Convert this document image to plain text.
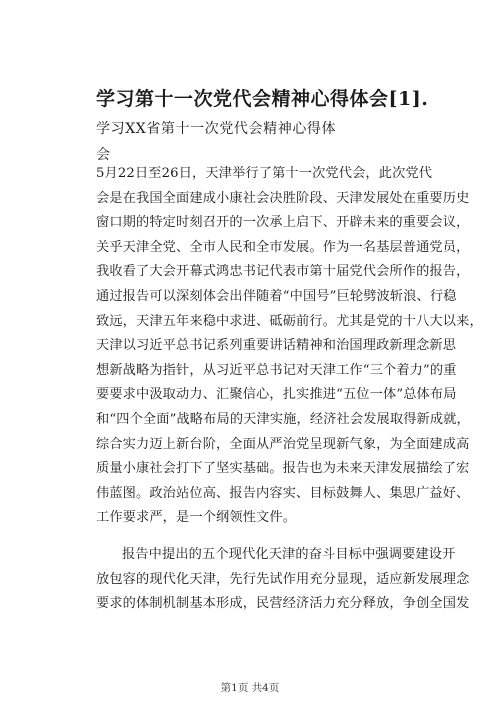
学习第十一次党代会精神心得体会[1].
学习XX省第十一次党代会精神心得体
会
5月22日至26日，天津举行了第十一次党代会，此次党代
会是在我国全面建成小康社会决胜阶段、天津发展处在重要历史
窗口期的特定时刻召开的一次承上启下、开辟未来的重要会议，
关乎天津全党、全市人民和全市发展。作为一名基层普通党员，
我收看了大会开幕式鸿忠书记代表市第十届党代会所作的报告，
通过报告可以深刻体会出伴随着“中国号”巨轮劈波斩浪、行稳
致远，天津五年来稳中求进、砥砺前行。尤其是党的十八大以来，
天津以习近平总书记系列重要讲话精神和治国理政新理念新思
想新战略为指针，从习近平总书记对天津工作“三个着力”的重
要要求中汲取动力、汇聚信心，扎实推进“五位一体”总体布局
和“四个全面”战略布局的天津实施，经济社会发展取得新成就，
综合实力迈上新台阶，全面从严治党呈现新气象，为全面建成高
质量小康社会打下了坚实基础。报告也为未来天津发展描绘了宏
伟蓝图。政治站位高、报告内容实、目标鼓舞人、集思广益好、
工作要求严，是一个纲领性文件。
报告中提出的五个现代化天津的奋斗目标中强调要建设开
放包容的现代化天津，先行先试作用充分显现，适应新发展理念
要求的体制机制基本形成，民营经济活力充分释放，争创全国发
第1页 共4页
